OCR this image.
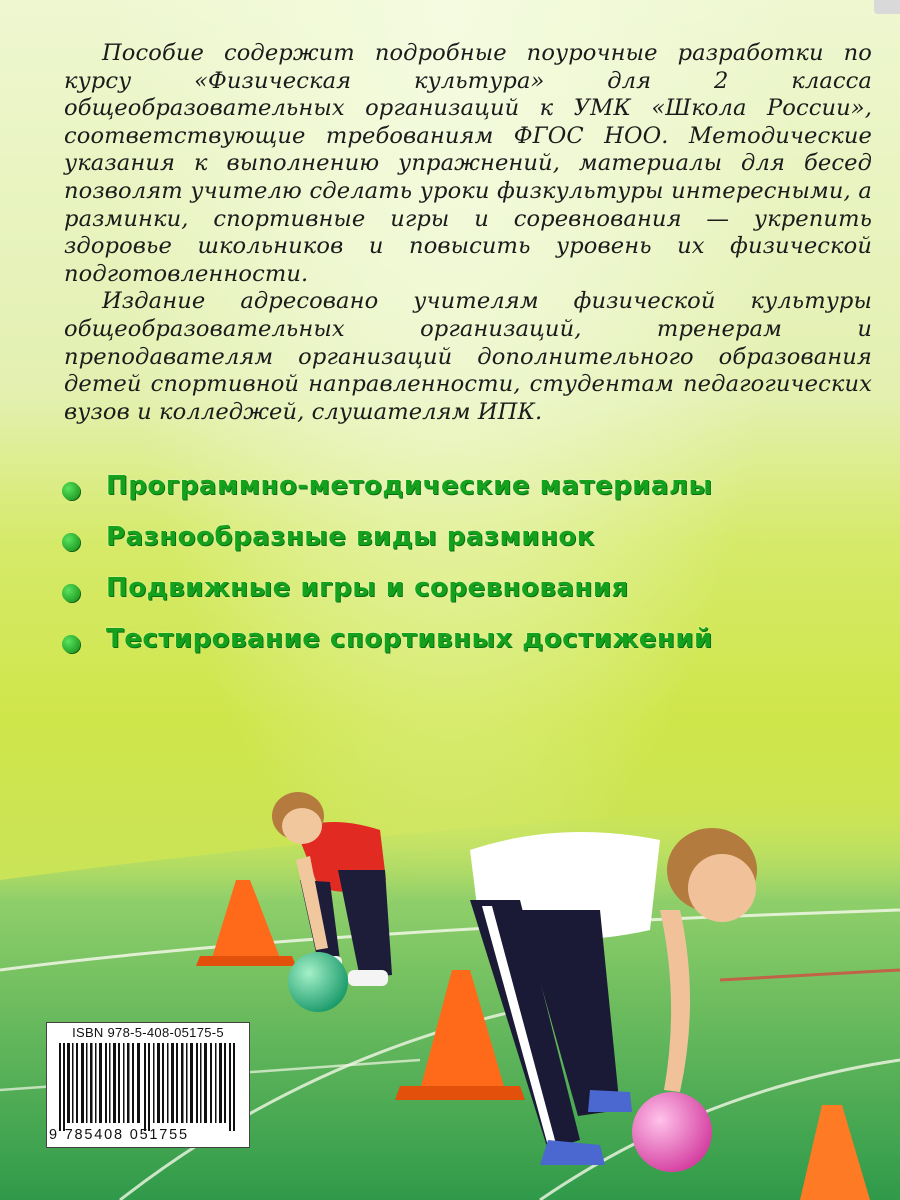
Пособие содержит подробные поурочные разработки по курсу «Физическая культура» для 2 класса общеобразовательных организаций к УМК «Школа России», соответствующие требованиям ФГОС НОО. Методические указания к выполнению упражнений, материалы для бесед позволят учителю сделать уроки физкультуры интересными, а разминки, спортивные игры и соревнования — укрепить здоровье школьников и повысить уровень их физической подготовленности.

Издание адресовано учителям физической культуры общеобразовательных организаций, тренерам и преподавателям организаций дополнительного образования детей спортивной направленности, студентам педагогических вузов и колледжей, слушателям ИПК.

Программно-методические материалы
Разнообразные виды разминок
Подвижные игры и соревнования
Тестирование спортивных достижений
ISBN 978-5-408-05175-5
9 785408 051755
